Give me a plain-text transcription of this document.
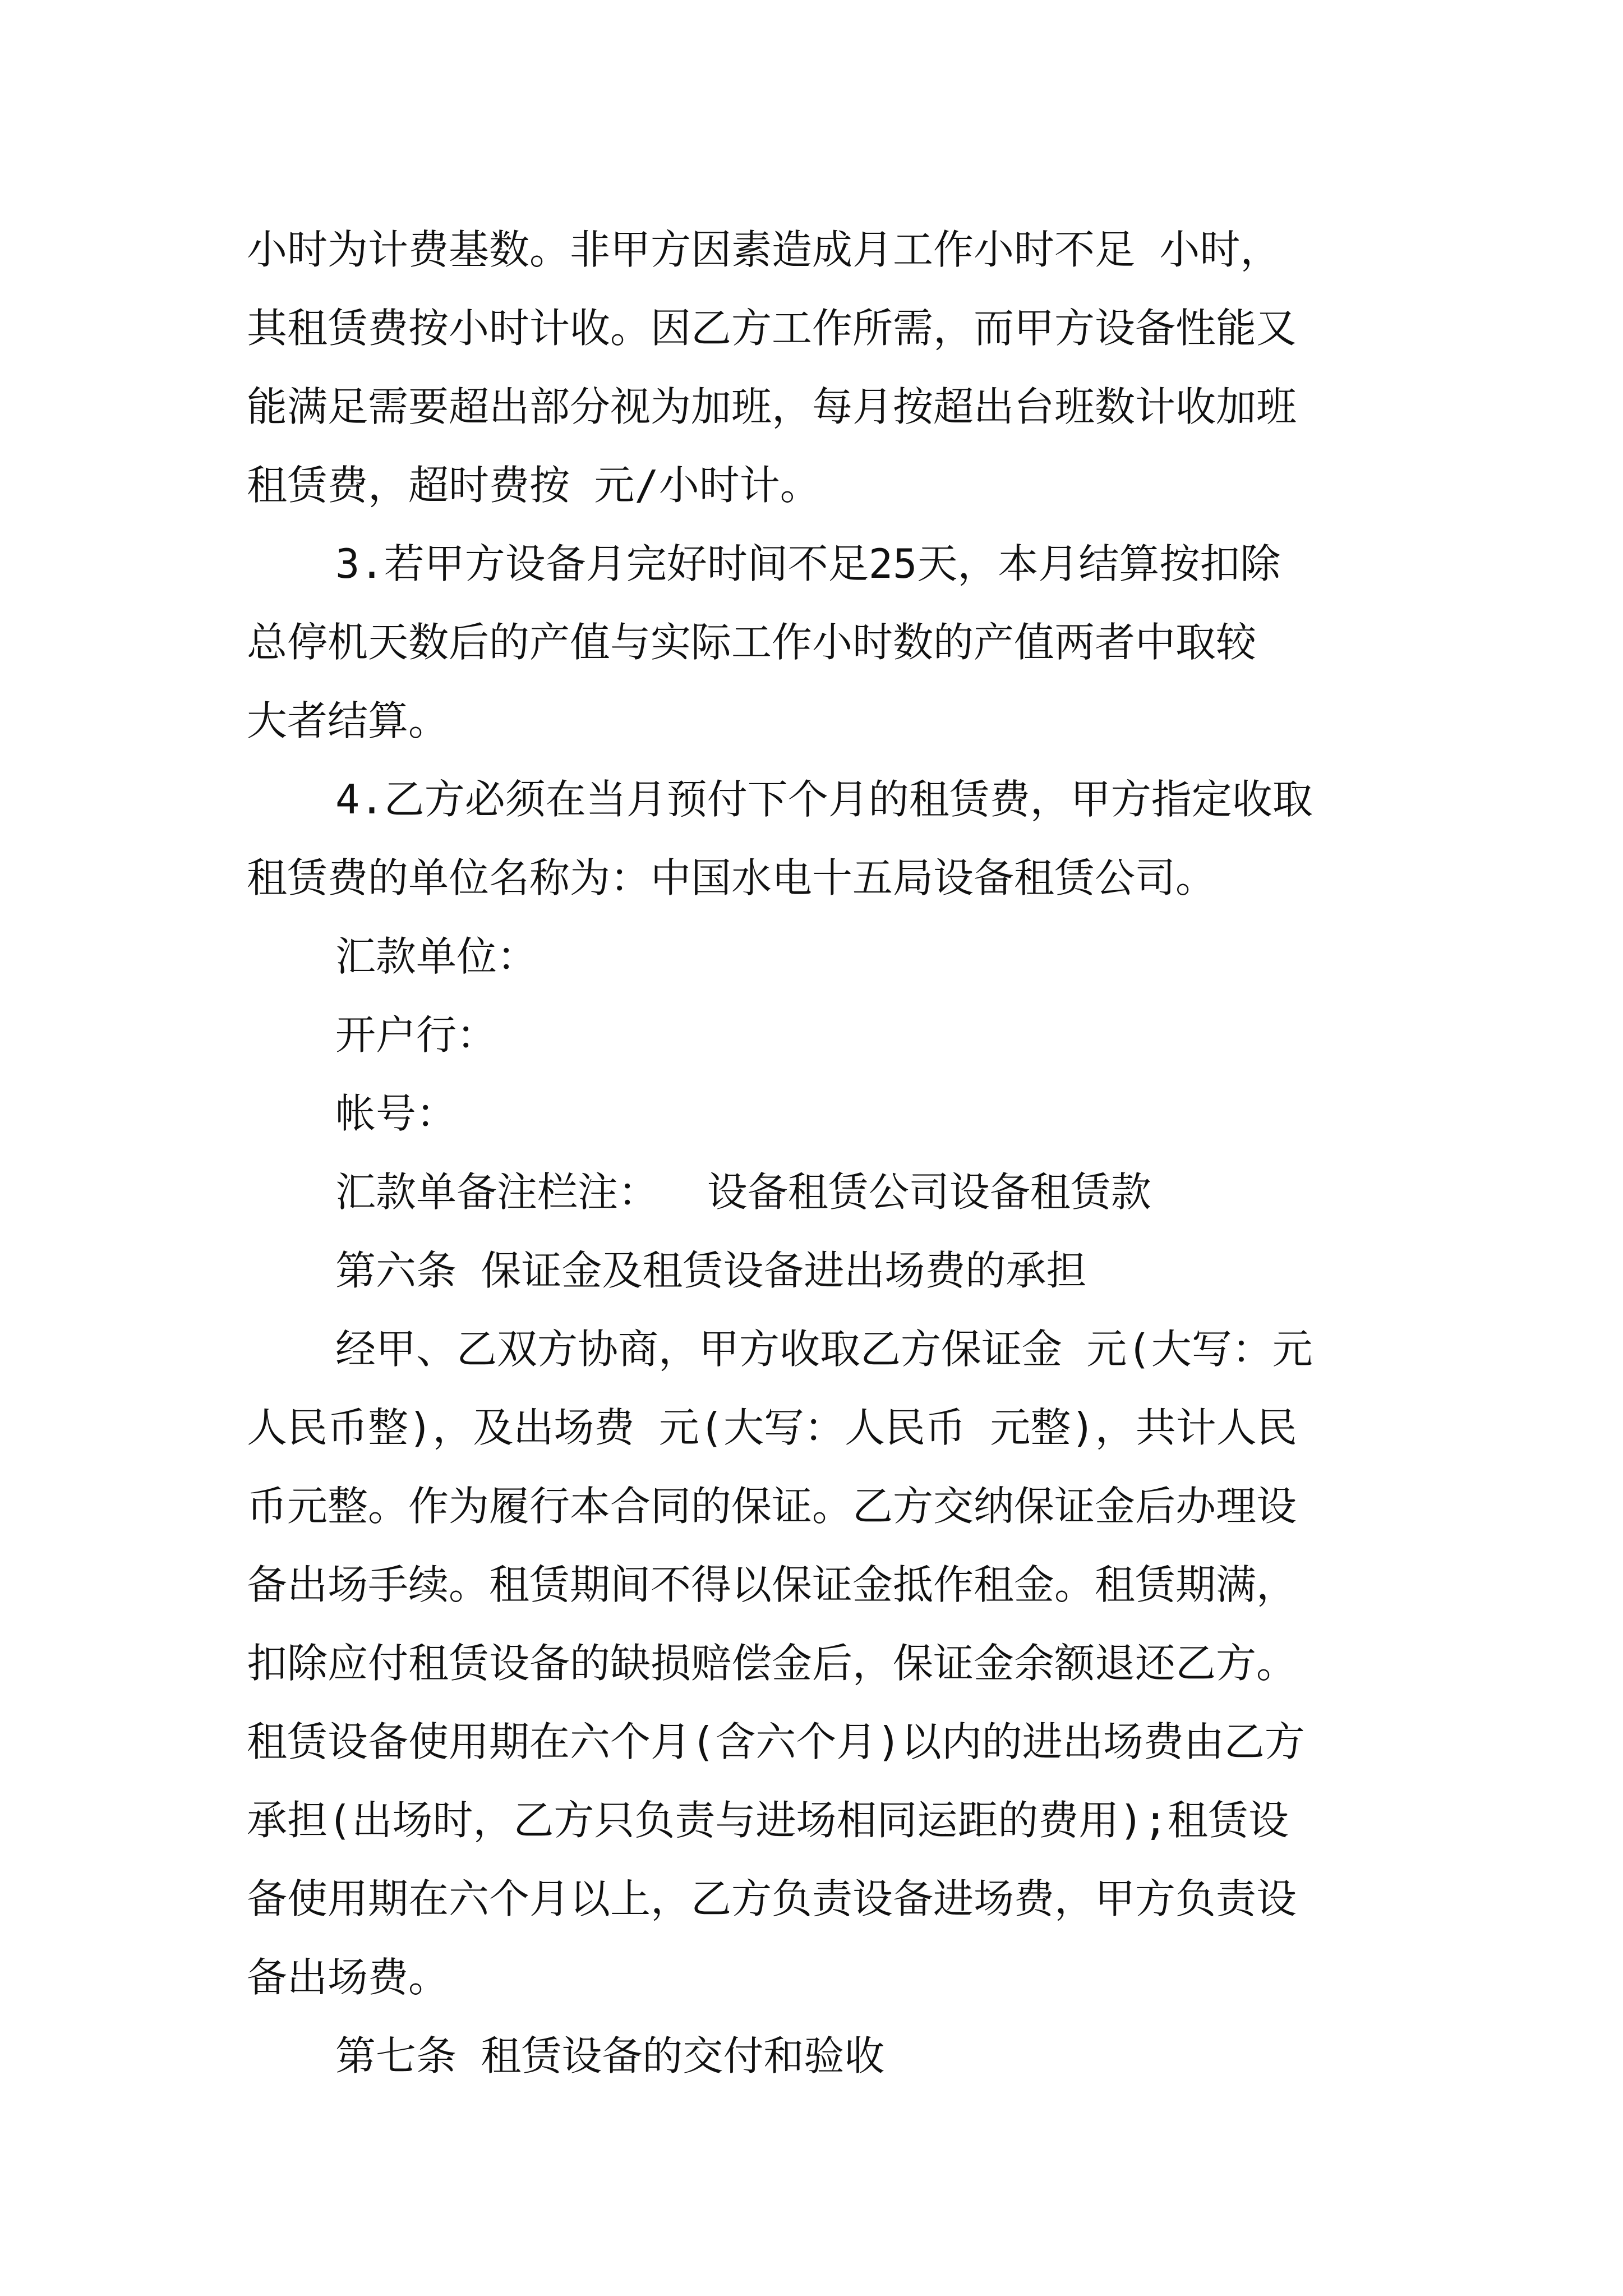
小时为计费基数。非甲方因素造成月工作小时不足 小时，
其租赁费按小时计收。因乙方工作所需，而甲方设备性能又
能满足需要超出部分视为加班，每月按超出台班数计收加班
租赁费，超时费按 元/小时计。
3.若甲方设备月完好时间不足25天，本月结算按扣除
总停机天数后的产值与实际工作小时数的产值两者中取较
大者结算。
4.乙方必须在当月预付下个月的租赁费，甲方指定收取
租赁费的单位名称为：中国水电十五局设备租赁公司。
汇款单位：
开户行：
帐号：
汇款单备注栏注：  设备租赁公司设备租赁款
第六条 保证金及租赁设备进出场费的承担
经甲、乙双方协商，甲方收取乙方保证金 元(大写：元
人民币整)，及出场费 元(大写：人民币 元整)，共计人民
币元整。作为履行本合同的保证。乙方交纳保证金后办理设
备出场手续。租赁期间不得以保证金抵作租金。租赁期满，
扣除应付租赁设备的缺损赔偿金后，保证金余额退还乙方。
租赁设备使用期在六个月(含六个月)以内的进出场费由乙方
承担(出场时，乙方只负责与进场相同运距的费用);租赁设
备使用期在六个月以上，乙方负责设备进场费，甲方负责设
备出场费。
第七条 租赁设备的交付和验收
